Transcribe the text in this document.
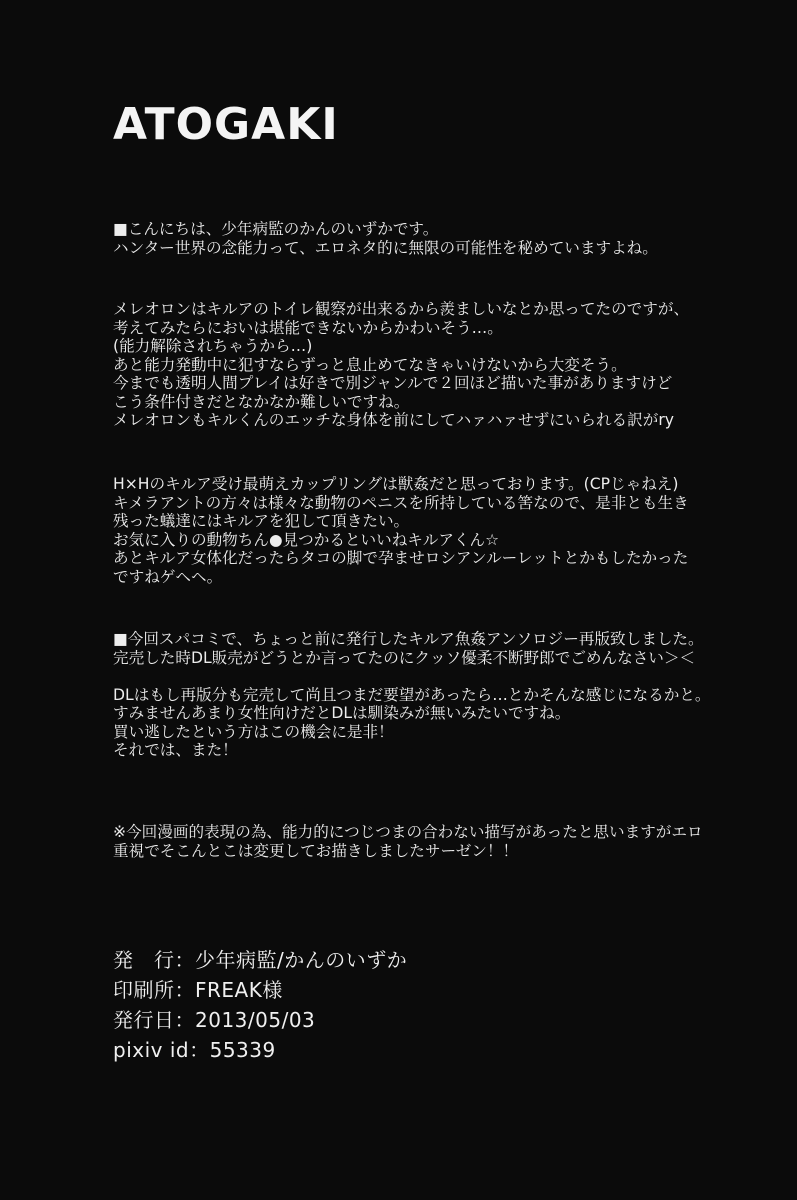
ATOGAKI
■こんにちは、少年病監のかんのいずかです。
ハンター世界の念能力って、エロネタ的に無限の可能性を秘めていますよね。
メレオロンはキルアのトイレ観察が出来るから羨ましいなとか思ってたのですが、
考えてみたらにおいは堪能できないからかわいそう…。
(能力解除されちゃうから…)
あと能力発動中に犯すならずっと息止めてなきゃいけないから大変そう。
今までも透明人間プレイは好きで別ジャンルで２回ほど描いた事がありますけど
こう条件付きだとなかなか難しいですね。
メレオロンもキルくんのエッチな身体を前にしてハァハァせずにいられる訳がry
H×Hのキルア受け最萌えカップリングは獣姦だと思っております。(CPじゃねえ)
キメラアントの方々は様々な動物のペニスを所持している筈なので、是非とも生き
残った蟻達にはキルアを犯して頂きたい。
お気に入りの動物ちん●見つかるといいねキルアくん☆
あとキルア女体化だったらタコの脚で孕ませロシアンルーレットとかもしたかった
ですねゲヘヘ。
■今回スパコミで、ちょっと前に発行したキルア魚姦アンソロジー再版致しました。
完売した時DL販売がどうとか言ってたのにクッソ優柔不断野郎でごめんなさい＞＜

DLはもし再版分も完売して尚且つまだ要望があったら…とかそんな感じになるかと。
すみませんあまり女性向けだとDLは馴染みが無いみたいですね。
買い逃したという方はこの機会に是非！
それでは、また！
※今回漫画的表現の為、能力的につじつまの合わない描写があったと思いますがエロ
重視でそこんとこは変更してお描きしましたサーゼン！！
発　行：少年病監/かんのいずか
印刷所：FREAK様
発行日：2013/05/03
pixiv id：55339
